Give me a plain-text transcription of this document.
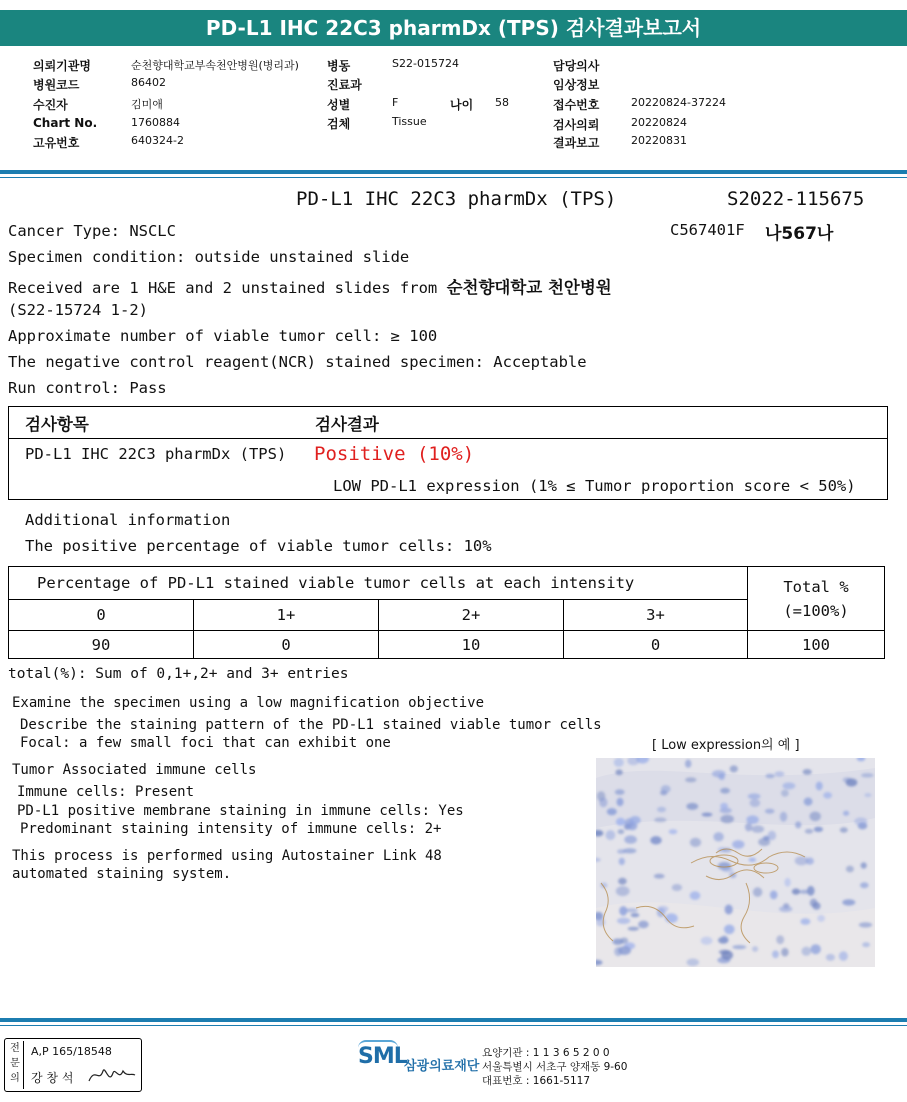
PD-L1 IHC 22C3 pharmDx (TPS) 검사결과보고서
의뢰기관명	순천향대학교부속천안병원(병리과)
병원코드	86402
수진자	김미애
Chart No.	1760884
고유번호	640324-2
병동	S22-015724
진료과
성별	F	나이 58
검체	Tissue
담당의사
임상정보
접수번호	20220824-37224
검사의뢰	20220824
결과보고	20220831
PD-L1 IHC 22C3 pharmDx (TPS)	S2022-115675
C567401F 나567나
Cancer Type: NSCLC
Specimen condition: outside unstained slide
Received are 1 H&E and 2 unstained slides from 순천향대학교 천안병원
(S22-15724 1-2)
Approximate number of viable tumor cell: ≥ 100
The negative control reagent(NCR) stained specimen: Acceptable
Run control: Pass
검사항목	검사결과
PD-L1 IHC 22C3 pharmDx (TPS) Positive (10%)
LOW PD-L1 expression (1% ≤ Tumor proportion score < 50%)
Additional information
The positive percentage of viable tumor cells: 10%
Percentage of PD-L1 stained viable tumor cells at each intensity				Total %
(=100%)

0	1+	2+	3+	
90	0	10	0	100
total(%): Sum of 0,1+,2+ and 3+ entries
Examine the specimen using a low magnification objective
Describe the staining pattern of the PD-L1 stained viable tumor cells
Focal: a few small foci that can exhibit one
Tumor Associated immune cells
Immune cells: Present
PD-L1 positive membrane staining in immune cells: Yes
Predominant staining intensity of immune cells: 2+
This process is performed using Autostainer Link 48
automated staining system.
[ Low expression의 예 ]
전문의
A,P 165/18548
강 창 석
SML
삼광의료재단
요양기관 : 1 1 3 6 5 2 0 0
서울특별시 서초구 양재동 9-60
대표번호 : 1661-5117
